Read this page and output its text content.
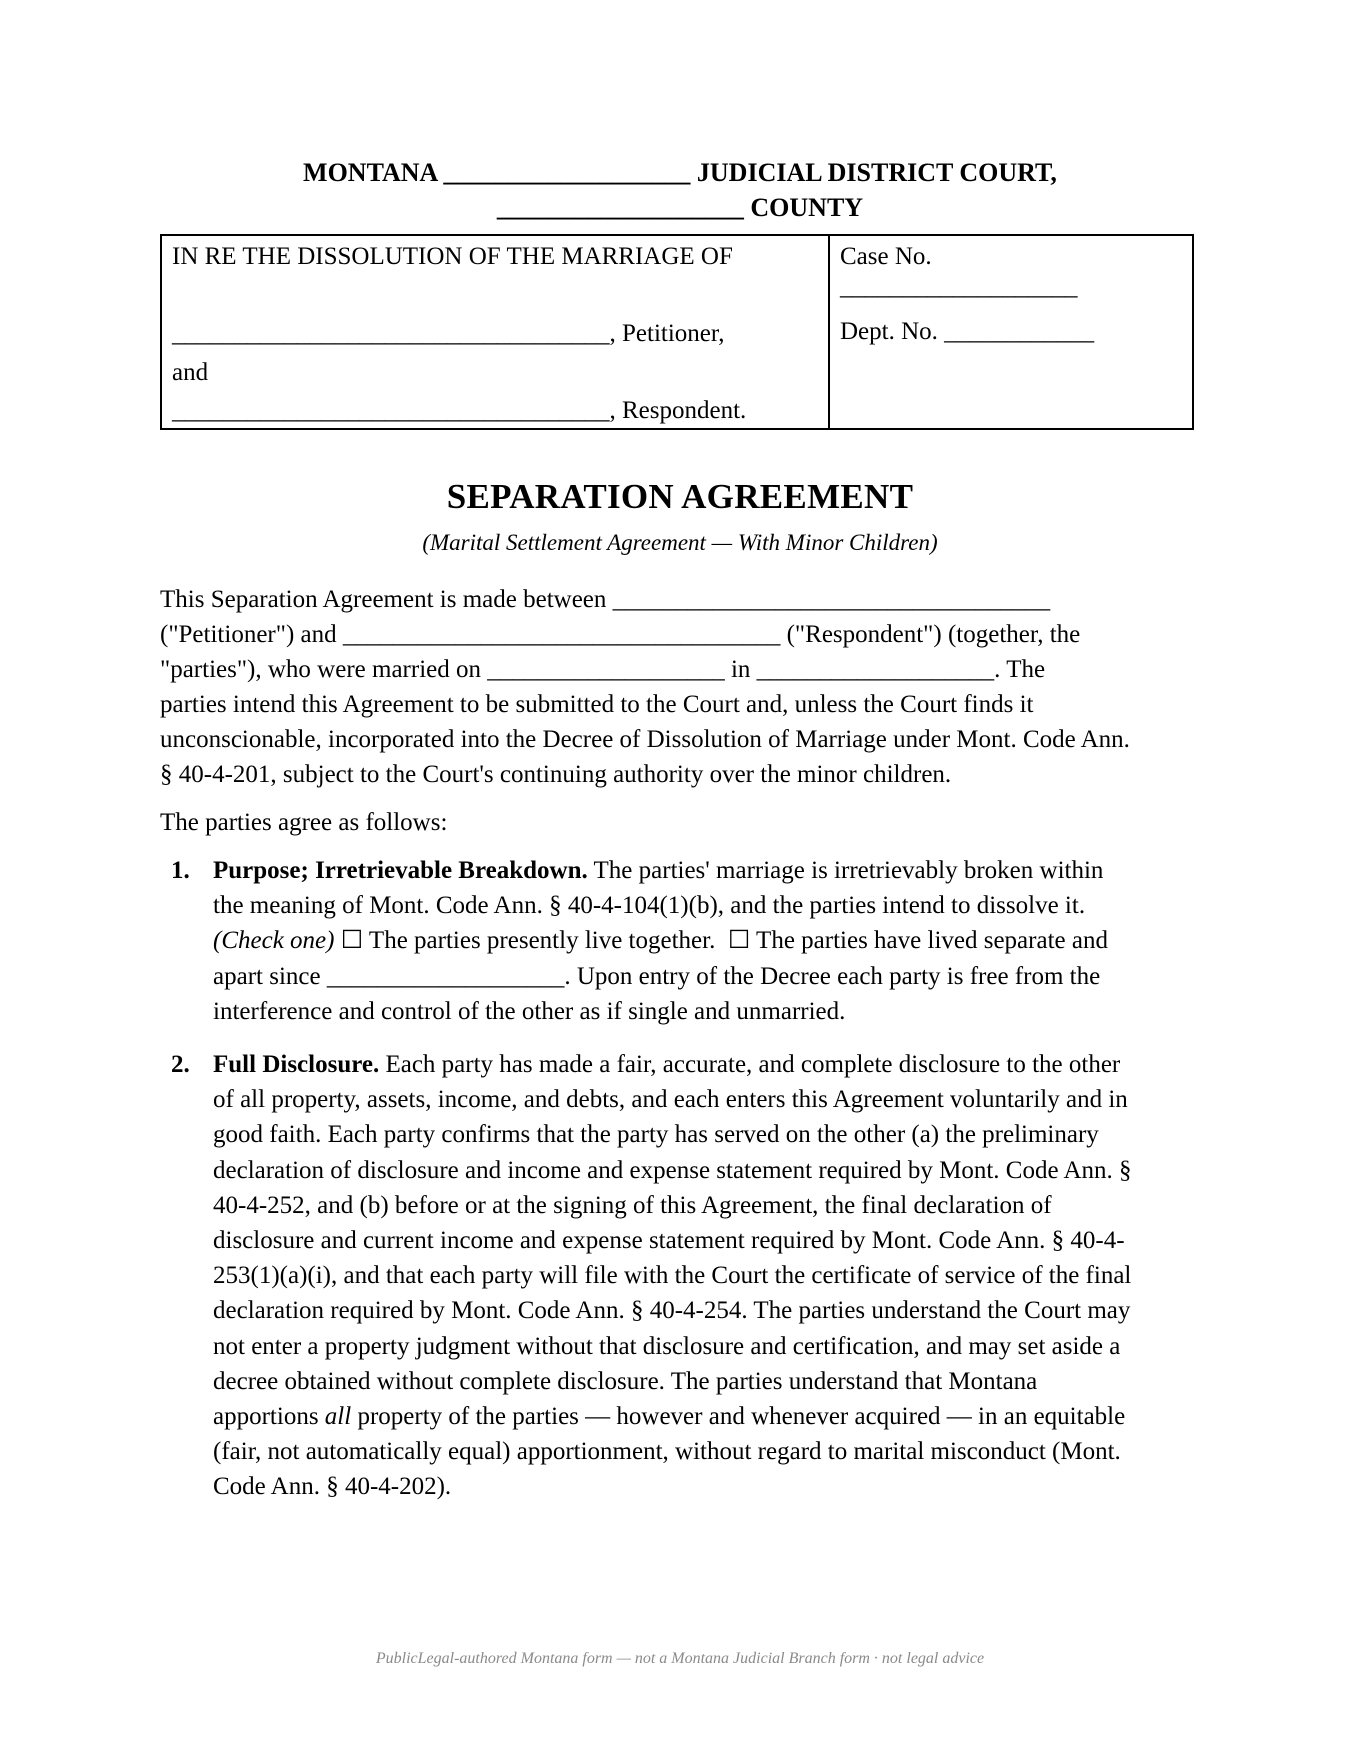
MONTANA ___________________ JUDICIAL DISTRICT COURT,
___________________ COUNTY
IN RE THE DISSOLUTION OF THE MARRIAGE OF
___________________________________, Petitioner,
and
___________________________________, Respondent.
Case No.
___________________
Dept. No. ____________
SEPARATION AGREEMENT
(Marital Settlement Agreement — With Minor Children)
This Separation Agreement is made between ___________________________________
("Petitioner") and ___________________________________ ("Respondent") (together, the
"parties"), who were married on ___________________ in ___________________. The
parties intend this Agreement to be submitted to the Court and, unless the Court finds it
unconscionable, incorporated into the Decree of Dissolution of Marriage under Mont. Code Ann.
§ 40-4-201, subject to the Court's continuing authority over the minor children.
The parties agree as follows:
1. Purpose; Irretrievable Breakdown. The parties' marriage is irretrievably broken within
the meaning of Mont. Code Ann. § 40-4-104(1)(b), and the parties intend to dissolve it.
(Check one) ☐ The parties presently live together.  ☐ The parties have lived separate and
apart since ___________________. Upon entry of the Decree each party is free from the
interference and control of the other as if single and unmarried.
2. Full Disclosure. Each party has made a fair, accurate, and complete disclosure to the other
of all property, assets, income, and debts, and each enters this Agreement voluntarily and in
good faith. Each party confirms that the party has served on the other (a) the preliminary
declaration of disclosure and income and expense statement required by Mont. Code Ann. §
40-4-252, and (b) before or at the signing of this Agreement, the final declaration of
disclosure and current income and expense statement required by Mont. Code Ann. § 40-4-
253(1)(a)(i), and that each party will file with the Court the certificate of service of the final
declaration required by Mont. Code Ann. § 40-4-254. The parties understand the Court may
not enter a property judgment without that disclosure and certification, and may set aside a
decree obtained without complete disclosure. The parties understand that Montana
apportions all property of the parties — however and whenever acquired — in an equitable
(fair, not automatically equal) apportionment, without regard to marital misconduct (Mont.
Code Ann. § 40-4-202).
PublicLegal-authored Montana form — not a Montana Judicial Branch form · not legal advice
